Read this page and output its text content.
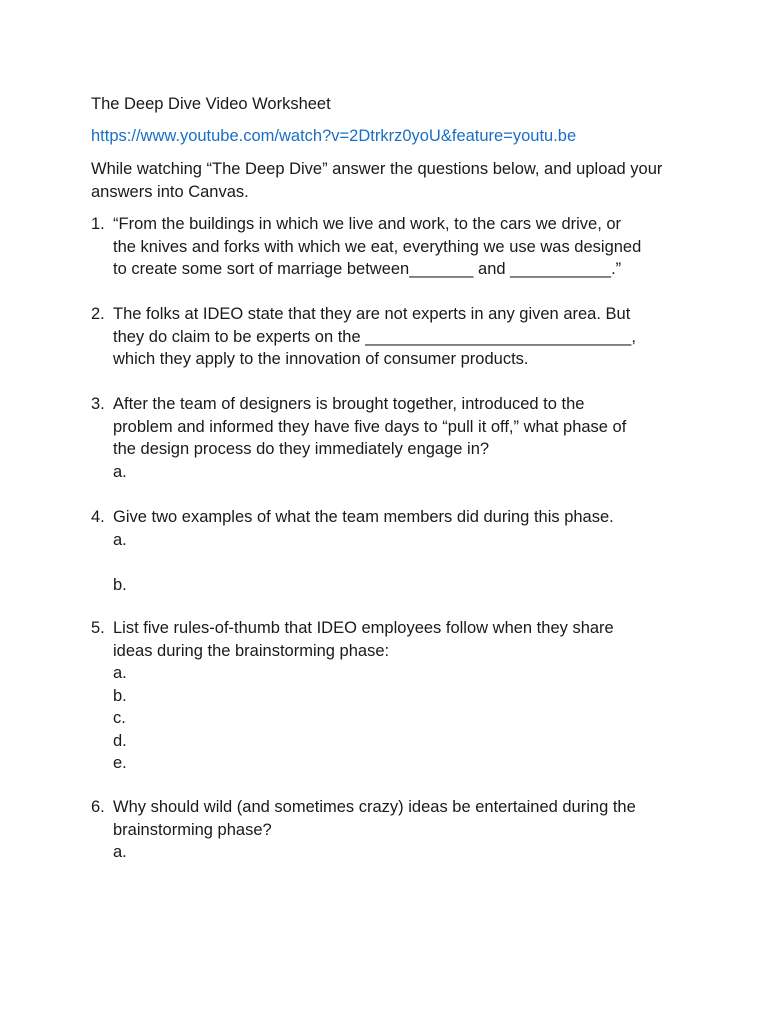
The Deep Dive Video Worksheet
https://www.youtube.com/watch?v=2Dtrkrz0yoU&feature=youtu.be

While watching “The Deep Dive” answer the questions below, and upload your answers into Canvas.

1. “From the buildings in which we live and work, to the cars we drive, or
the knives and forks with which we eat, everything we use was designed
to create some sort of marriage between_______ and ___________.”
2. The folks at IDEO state that they are not experts in any given area. But
they do claim to be experts on the _____________________________,
which they apply to the innovation of consumer products.
3. After the team of designers is brought together, introduced to the
problem and informed they have five days to “pull it off,” what phase of
the design process do they immediately engage in?
a.
4. Give two examples of what the team members did during this phase.
a.
b.
5. List five rules-of-thumb that IDEO employees follow when they share
ideas during the brainstorming phase:
a.
b.
c.
d.
e.
6. Why should wild (and sometimes crazy) ideas be entertained during the
brainstorming phase?
a.
